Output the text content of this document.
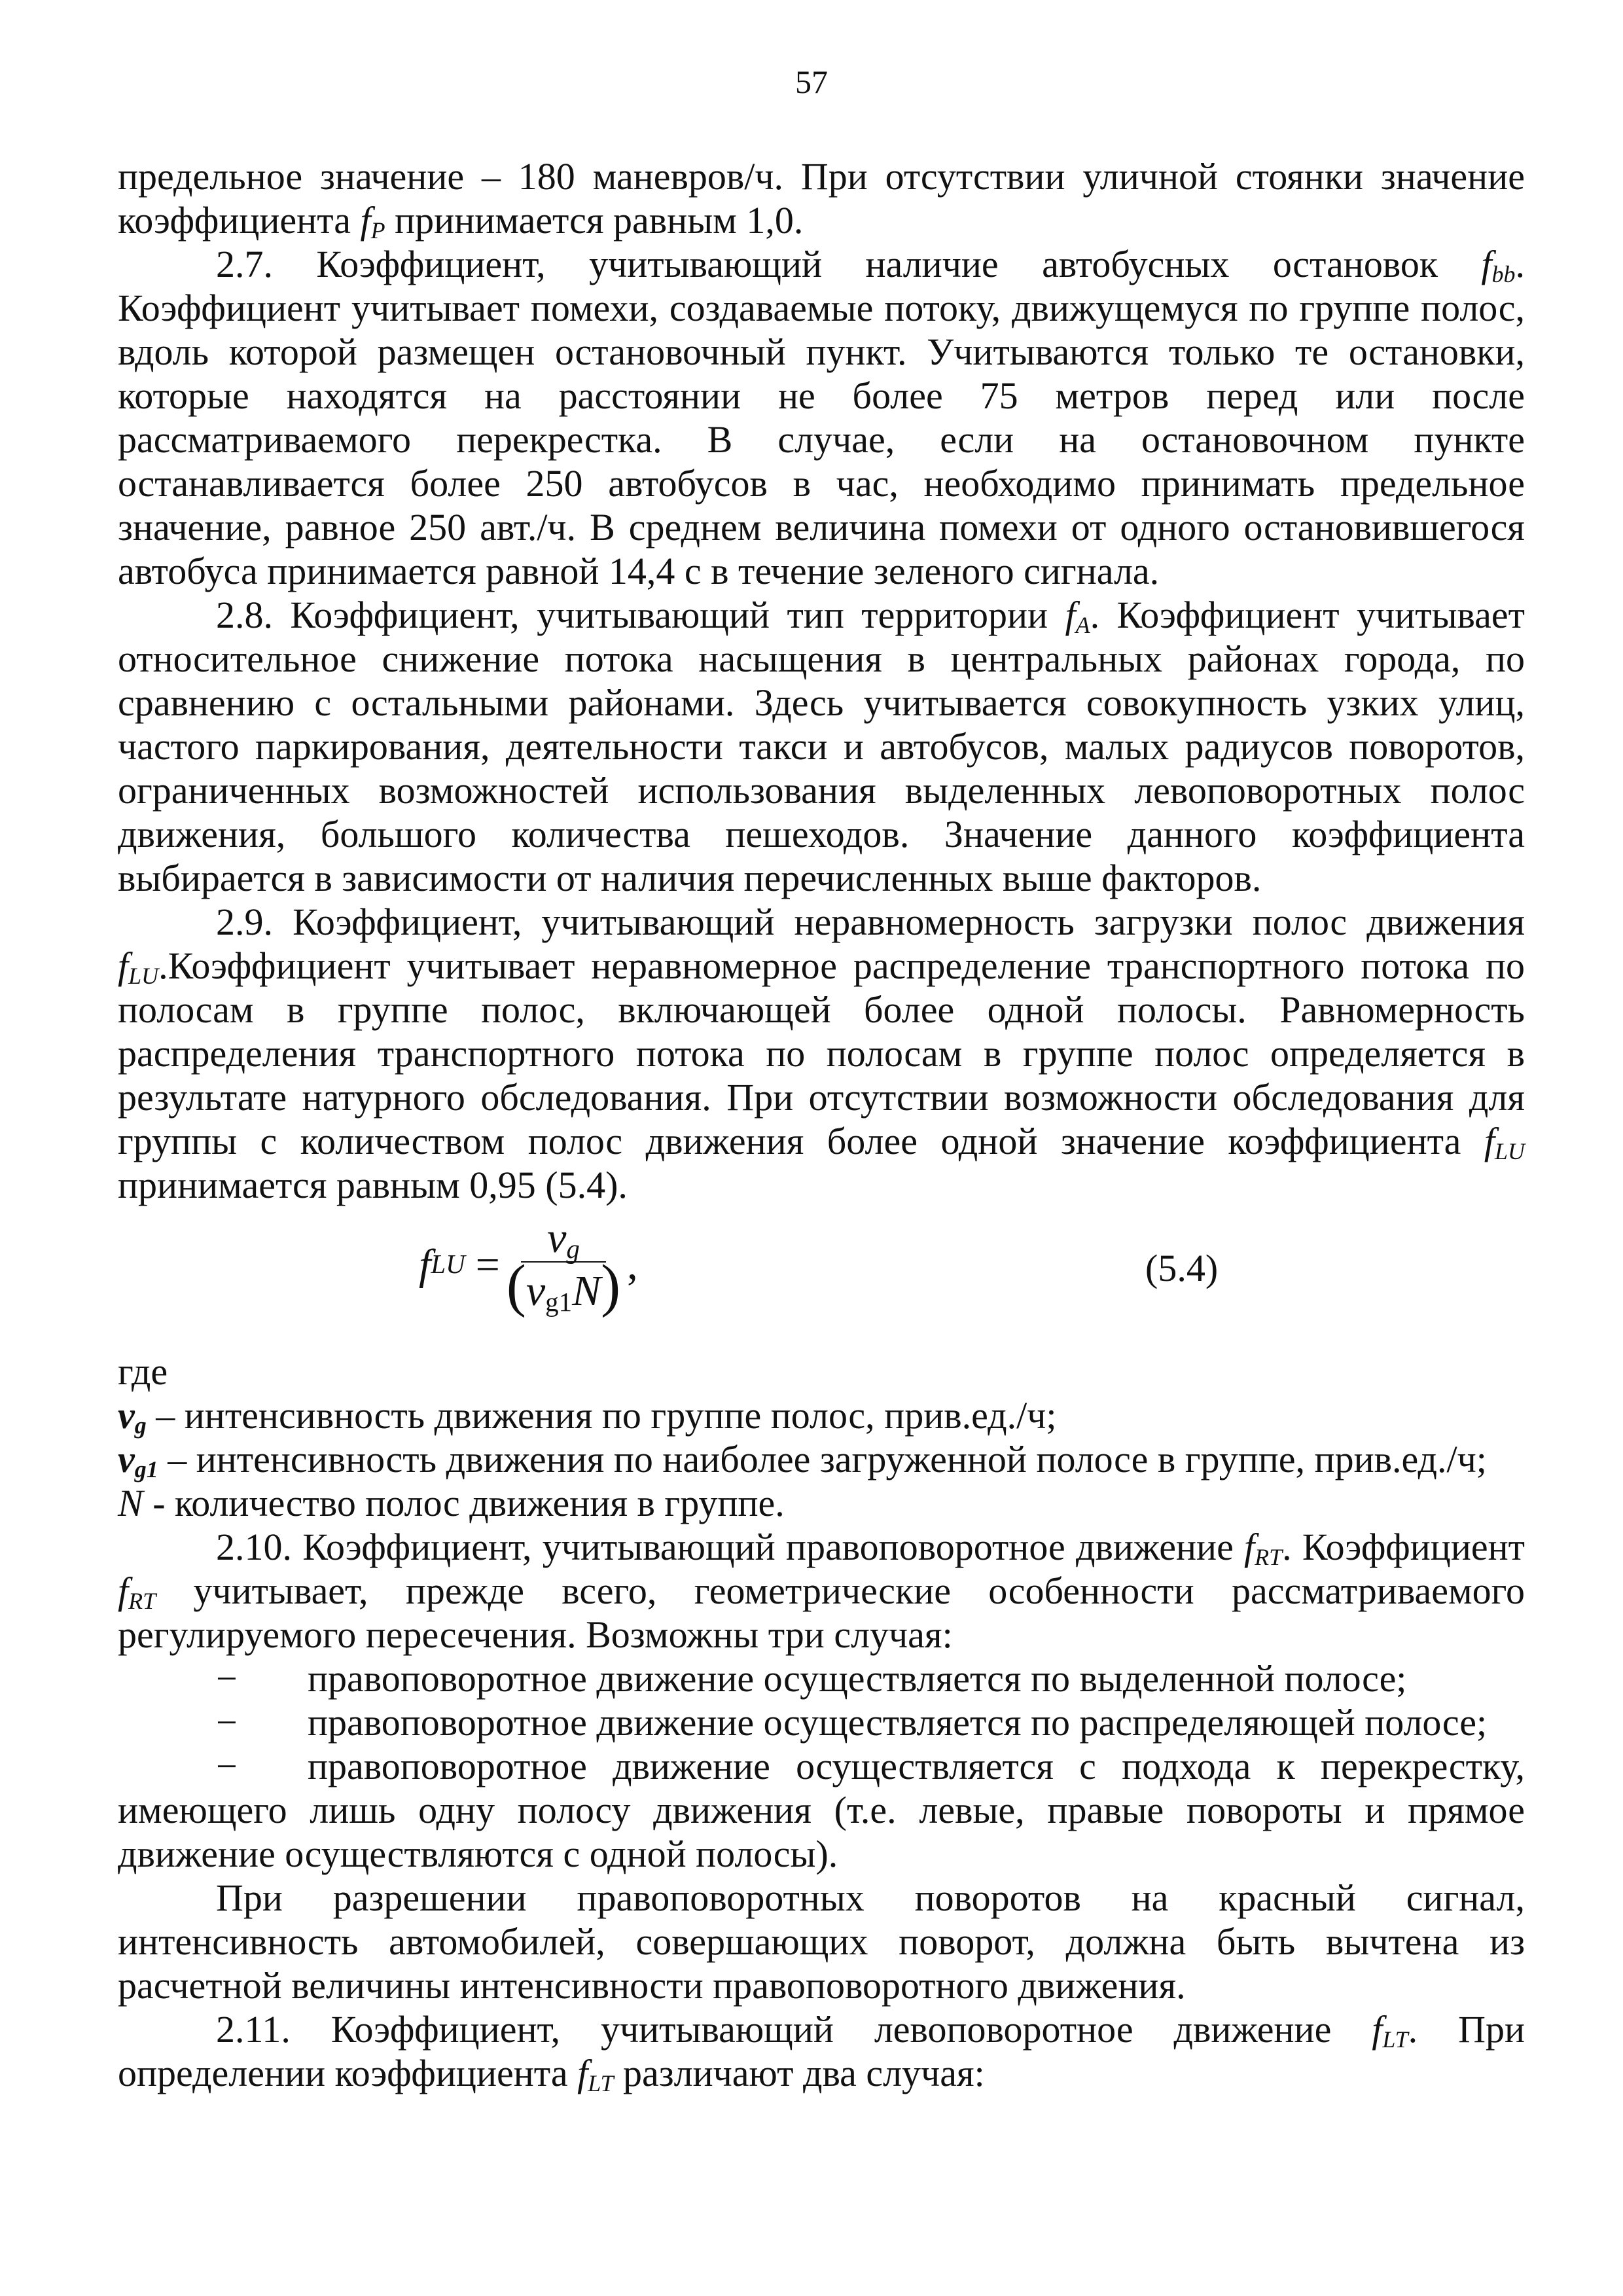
57

предельное значение – 180 маневров/ч. При отсутствии уличной стоянки значение

коэффициента $f_P$ принимается равным 1,0.

2.7. Коэффициент, учитывающий наличие автобусных остановок $f_{bb}$. Коэффициент учитывает помехи, создаваемые потоку, движущемуся по группе полос, вдоль которой размещен остановочный пункт. Учитываются только те остановки, которые находятся на расстоянии не более 75 метров перед или после рассматриваемого перекрестка. В случае, если на остановочном пункте останавливается более 250 автобусов в час, необходимо принимать предельное значение, равное 250 авт./ч. В среднем величина помехи от одного остановившегося автобуса принимается равной 14,4 с в течение зеленого сигнала.

2.8. Коэффициент, учитывающий тип территории $f_A$. Коэффициент учитывает относительное снижение потока насыщения в центральных районах города, по сравнению с остальными районами. Здесь учитывается совокупность узких улиц, частого паркирования, деятельности такси и автобусов, малых радиусов поворотов, ограниченных возможностей использования выделенных левоповоротных полос движения, большого количества пешеходов. Значение данного коэффициента выбирается в зависимости от наличия перечисленных выше факторов.

2.9. Коэффициент, учитывающий неравномерность загрузки полос движения $f_{LU}.Коэффициент$ учитывает неравномерное распределение транспортного потока по полосам в группе полос, включающей более одной полосы. Равномерность распределения транспортного потока по полосам в группе полос определяется в результате натурного обследования. При отсутствии возможности обследования для группы с количеством полос движения более одной значение коэффициента $f_{LU}$ принимается равным 0,95 (5.4).

f LU = $\frac{v_g}{(v_{g1}N)}$ ,	(5.4)

где

$v_g$ – интенсивность движения по группе полос, прив.ед./ч;

$v_{g1}$ – интенсивность движения по наиболее загруженной полосе в группе, прив.ед./ч;

N - количество полос движения в группе.

2.10. Коэффициент, учитывающий правоповоротное движение $f_{RT}$. Коэффициент $f_{RT}$ учитывает, прежде всего, геометрические особенности рассматриваемого регулируемого пересечения. Возможны три случая:

−	правоповоротное движение осуществляется по выделенной полосе;
−	правоповоротное движение осуществляется по распределяющей полосе;
−	правоповоротное движение осуществляется с подхода к перекрестку,

имеющего лишь одну полосу движения (т.е. левые, правые повороты и прямое движение осуществляются с одной полосы).

При разрешении правоповоротных поворотов на красный сигнал, интенсивность автомобилей, совершающих поворот, должна быть вычтена из расчетной величины интенсивности правоповоротного движения.

2.11. Коэффициент, учитывающий левоповоротное движение $f_{LT}$. При определении коэффициента $f_{LT}$ различают два случая:
